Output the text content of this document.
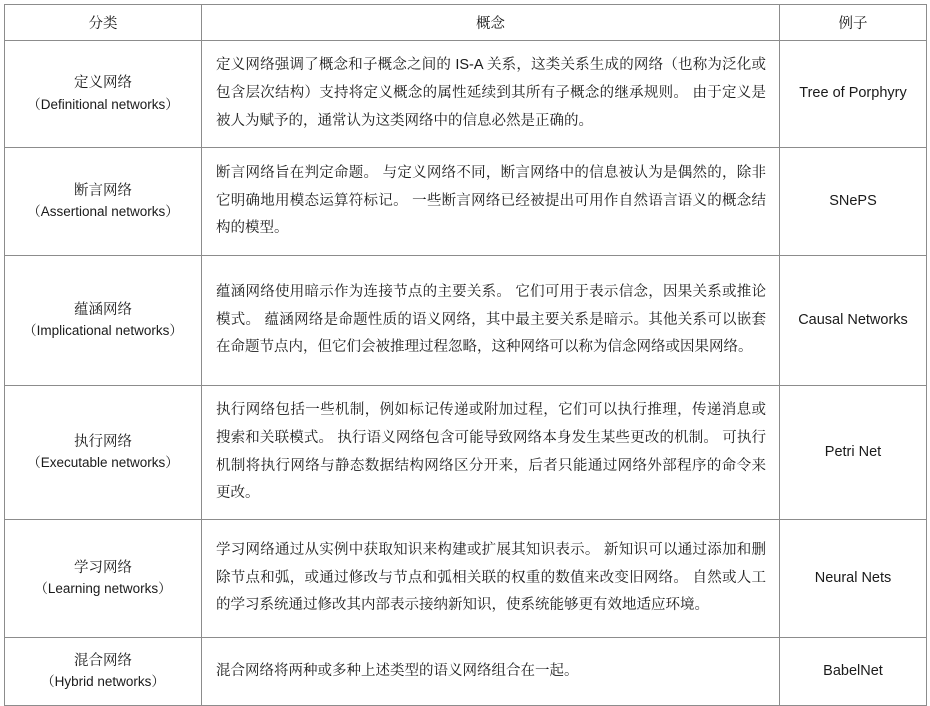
分类	概念	例子

定义网络
（Definitional networks）	定义网络强调了概念和子概念之间的 IS-A 关系，这类关系生成的网络（也称为泛化或包含层次结构）支持将定义概念的属性延续到其所有子概念的继承规则。 由于定义是被人为赋予的，通常认为这类网络中的信息必然是正确的。	Tree of Porphyry

断言网络
（Assertional networks）	断言网络旨在判定命题。 与定义网络不同，断言网络中的信息被认为是偶然的，除非它明确地用模态运算符标记。 一些断言网络已经被提出可用作自然语言语义的概念结构的模型。	SNePS

蕴涵网络
（Implicational networks）	蕴涵网络使用暗示作为连接节点的主要关系。 它们可用于表示信念，因果关系或推论模式。 蕴涵网络是命题性质的语义网络，其中最主要关系是暗示。其他关系可以嵌套在命题节点内，但它们会被推理过程忽略，这种网络可以称为信念网络或因果网络。	Causal Networks

执行网络
（Executable networks）	执行网络包括一些机制，例如标记传递或附加过程，它们可以执行推理，传递消息或搜索和关联模式。 执行语义网络包含可能导致网络本身发生某些更改的机制。 可执行机制将执行网络与静态数据结构网络区分开来，后者只能通过网络外部程序的命令来更改。	Petri Net

学习网络
（Learning networks）	学习网络通过从实例中获取知识来构建或扩展其知识表示。 新知识可以通过添加和删除节点和弧，或通过修改与节点和弧相关联的权重的数值来改变旧网络。 自然或人工的学习系统通过修改其内部表示接纳新知识，使系统能够更有效地适应环境。	Neural Nets

混合网络
（Hybrid networks）	混合网络将两种或多种上述类型的语义网络组合在一起。	BabelNet
